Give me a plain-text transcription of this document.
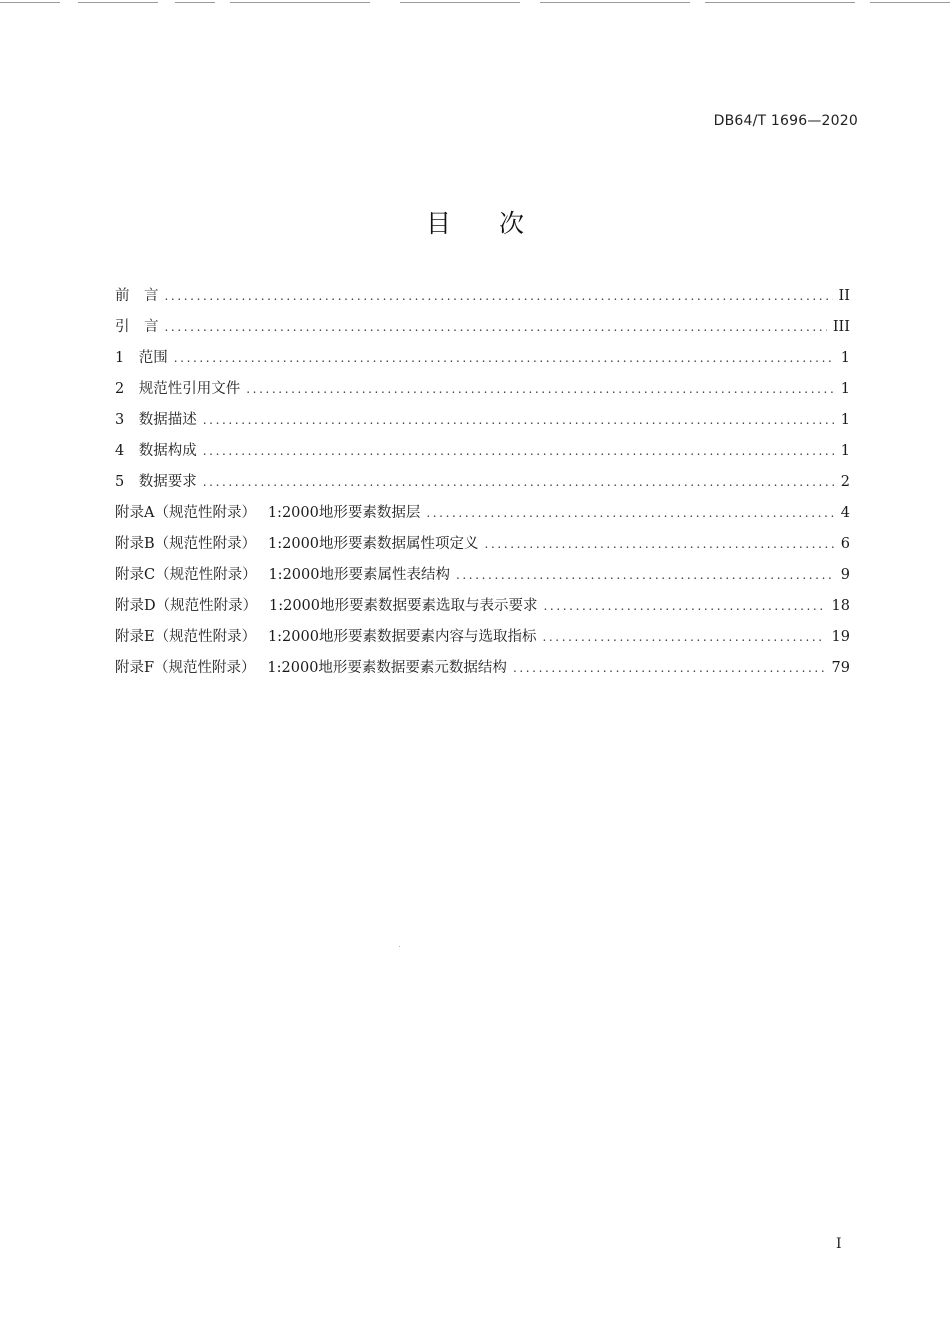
DB64/T 1696—2020
目次
前　言 .....	II
引　言 .....	III
1　范围 .....	1
2　规范性引用文件 .....	1
3　数据描述 .....	1
4　数据构成 .....	1
5　数据要求 .....	2
附录A（规范性附录）　 1:2000地形要素数据层 .....	4
附录B（规范性附录）　 1:2000地形要素数据属性项定义 .....	6
附录C（规范性附录）　 1:2000地形要素属性表结构 .....	9
附录D（规范性附录）　 1:2000地形要素数据要素选取与表示要求 .....	18
附录E（规范性附录）　 1:2000地形要素数据要素内容与选取指标 .....	19
附录F（规范性附录）　 1:2000地形要素数据要素元数据结构 .....	79
I
